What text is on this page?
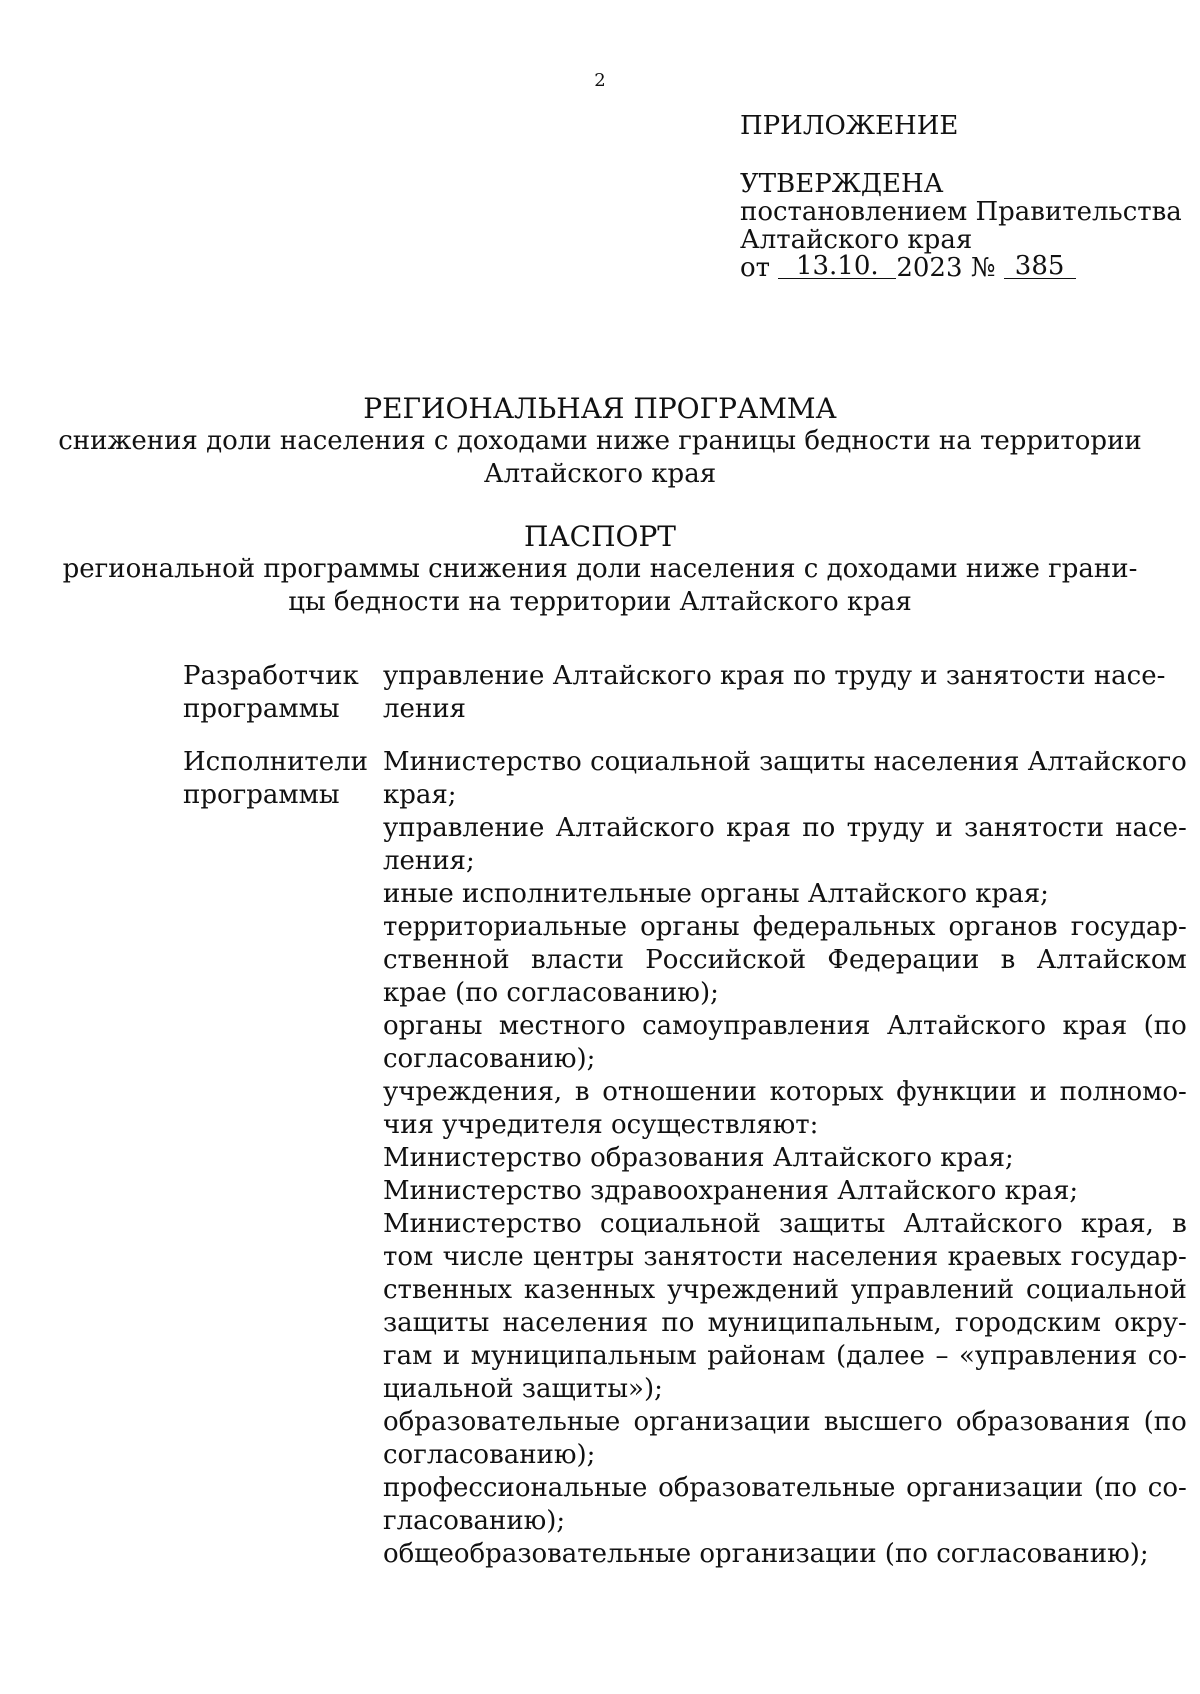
2
ПРИЛОЖЕНИЕ
УТВЕРЖДЕНА
постановлением Правительства
Алтайского края
от 13.10. 2023 № 385
РЕГИОНАЛЬНАЯ ПРОГРАММА
снижения доли населения с доходами ниже границы бедности на территории
Алтайского края
ПАСПОРТ
региональной программы снижения доли населения с доходами ниже грани-
цы бедности на территории Алтайского края
Разработчик
программы
управление Алтайского края по труду и занятости насе-
ления
Исполнители
программы
Министерство социальной защиты населения Алтайского
края;
управление Алтайского края по труду и занятости насе-
ления;
иные исполнительные органы Алтайского края;
территориальные органы федеральных органов государ-
ственной власти Российской Федерации в Алтайском
крае (по согласованию);
органы местного самоуправления Алтайского края (по
согласованию);
учреждения, в отношении которых функции и полномо-
чия учредителя осуществляют:
Министерство образования Алтайского края;
Министерство здравоохранения Алтайского края;
Министерство социальной защиты Алтайского края, в
том числе центры занятости населения краевых государ-
ственных казенных учреждений управлений социальной
защиты населения по муниципальным, городским окру-
гам и муниципальным районам (далее – «управления со-
циальной защиты»);
образовательные организации высшего образования (по
согласованию);
профессиональные образовательные организации (по со-
гласованию);
общеобразовательные организации (по согласованию);
